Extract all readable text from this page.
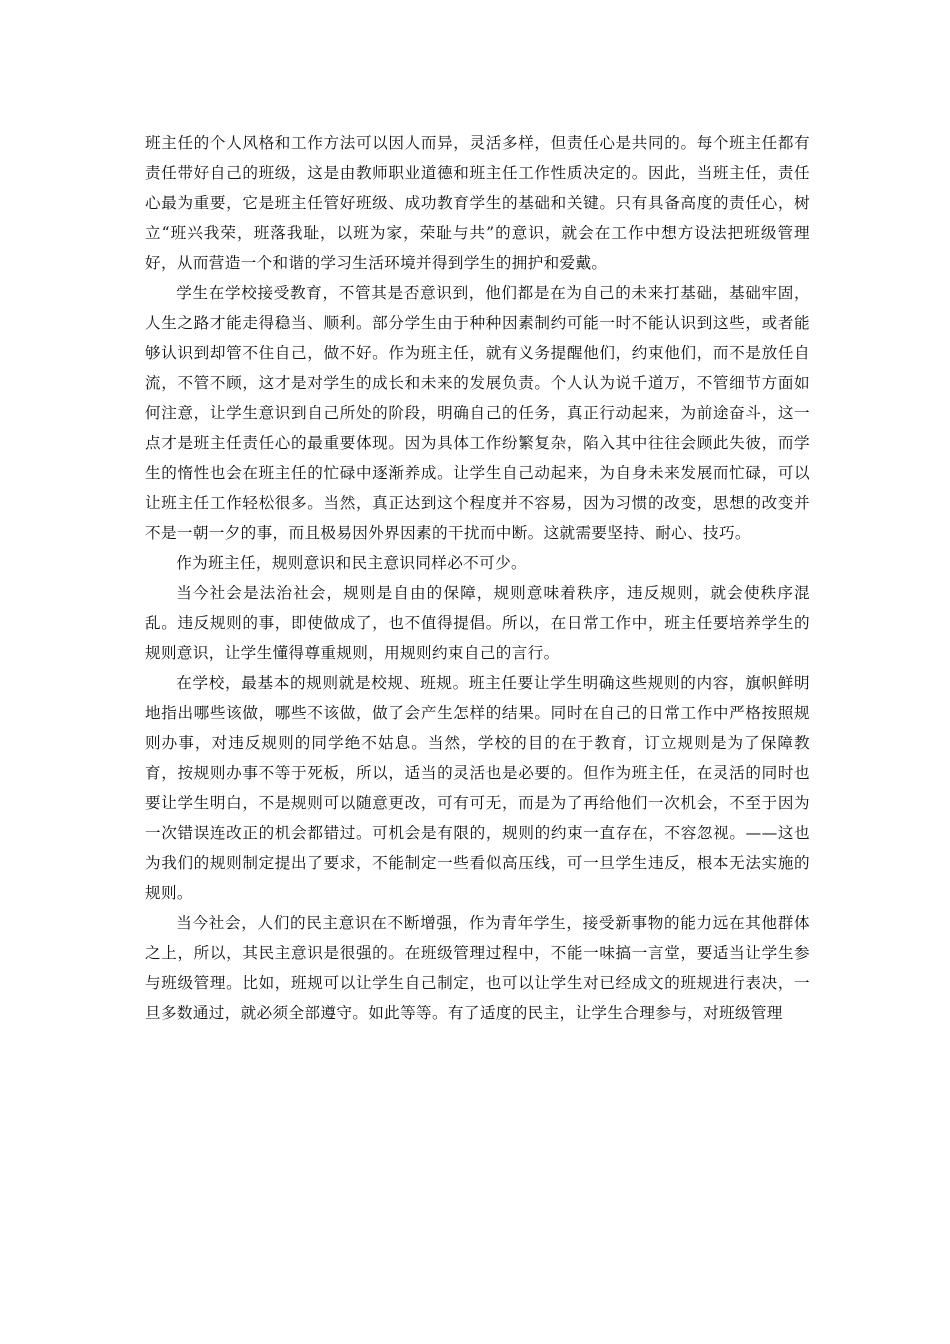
班主任的个人风格和工作方法可以因人而异，灵活多样，但责任心是共同的。每个班主任都有责任带好自己的班级，这是由教师职业道德和班主任工作性质决定的。因此，当班主任，责任心最为重要，它是班主任管好班级、成功教育学生的基础和关键。只有具备高度的责任心，树立“班兴我荣，班落我耻，以班为家，荣耻与共”的意识，就会在工作中想方设法把班级管理好，从而营造一个和谐的学习生活环境并得到学生的拥护和爱戴。

学生在学校接受教育，不管其是否意识到，他们都是在为自己的未来打基础，基础牢固，人生之路才能走得稳当、顺利。部分学生由于种种因素制约可能一时不能认识到这些，或者能够认识到却管不住自己，做不好。作为班主任，就有义务提醒他们，约束他们，而不是放任自流，不管不顾，这才是对学生的成长和未来的发展负责。个人认为说千道万，不管细节方面如何注意，让学生意识到自己所处的阶段，明确自己的任务，真正行动起来，为前途奋斗，这一点才是班主任责任心的最重要体现。因为具体工作纷繁复杂，陷入其中往往会顾此失彼，而学生的惰性也会在班主任的忙碌中逐渐养成。让学生自己动起来，为自身未来发展而忙碌，可以让班主任工作轻松很多。当然，真正达到这个程度并不容易，因为习惯的改变，思想的改变并不是一朝一夕的事，而且极易因外界因素的干扰而中断。这就需要坚持、耐心、技巧。

作为班主任，规则意识和民主意识同样必不可少。

当今社会是法治社会，规则是自由的保障，规则意味着秩序，违反规则，就会使秩序混乱。违反规则的事，即使做成了，也不值得提倡。所以，在日常工作中，班主任要培养学生的规则意识，让学生懂得尊重规则，用规则约束自己的言行。

在学校，最基本的规则就是校规、班规。班主任要让学生明确这些规则的内容，旗帜鲜明地指出哪些该做，哪些不该做，做了会产生怎样的结果。同时在自己的日常工作中严格按照规则办事，对违反规则的同学绝不姑息。当然，学校的目的在于教育，订立规则是为了保障教育，按规则办事不等于死板，所以，适当的灵活也是必要的。但作为班主任，在灵活的同时也要让学生明白，不是规则可以随意更改，可有可无，而是为了再给他们一次机会，不至于因为一次错误连改正的机会都错过。可机会是有限的，规则的约束一直存在，不容忽视。——这也为我们的规则制定提出了要求，不能制定一些看似高压线，可一旦学生违反，根本无法实施的规则。

当今社会，人们的民主意识在不断增强，作为青年学生，接受新事物的能力远在其他群体之上，所以，其民主意识是很强的。在班级管理过程中，不能一味搞一言堂，要适当让学生参与班级管理。比如，班规可以让学生自己制定，也可以让学生对已经成文的班规进行表决，一旦多数通过，就必须全部遵守。如此等等。有了适度的民主，让学生合理参与，对班级管理
